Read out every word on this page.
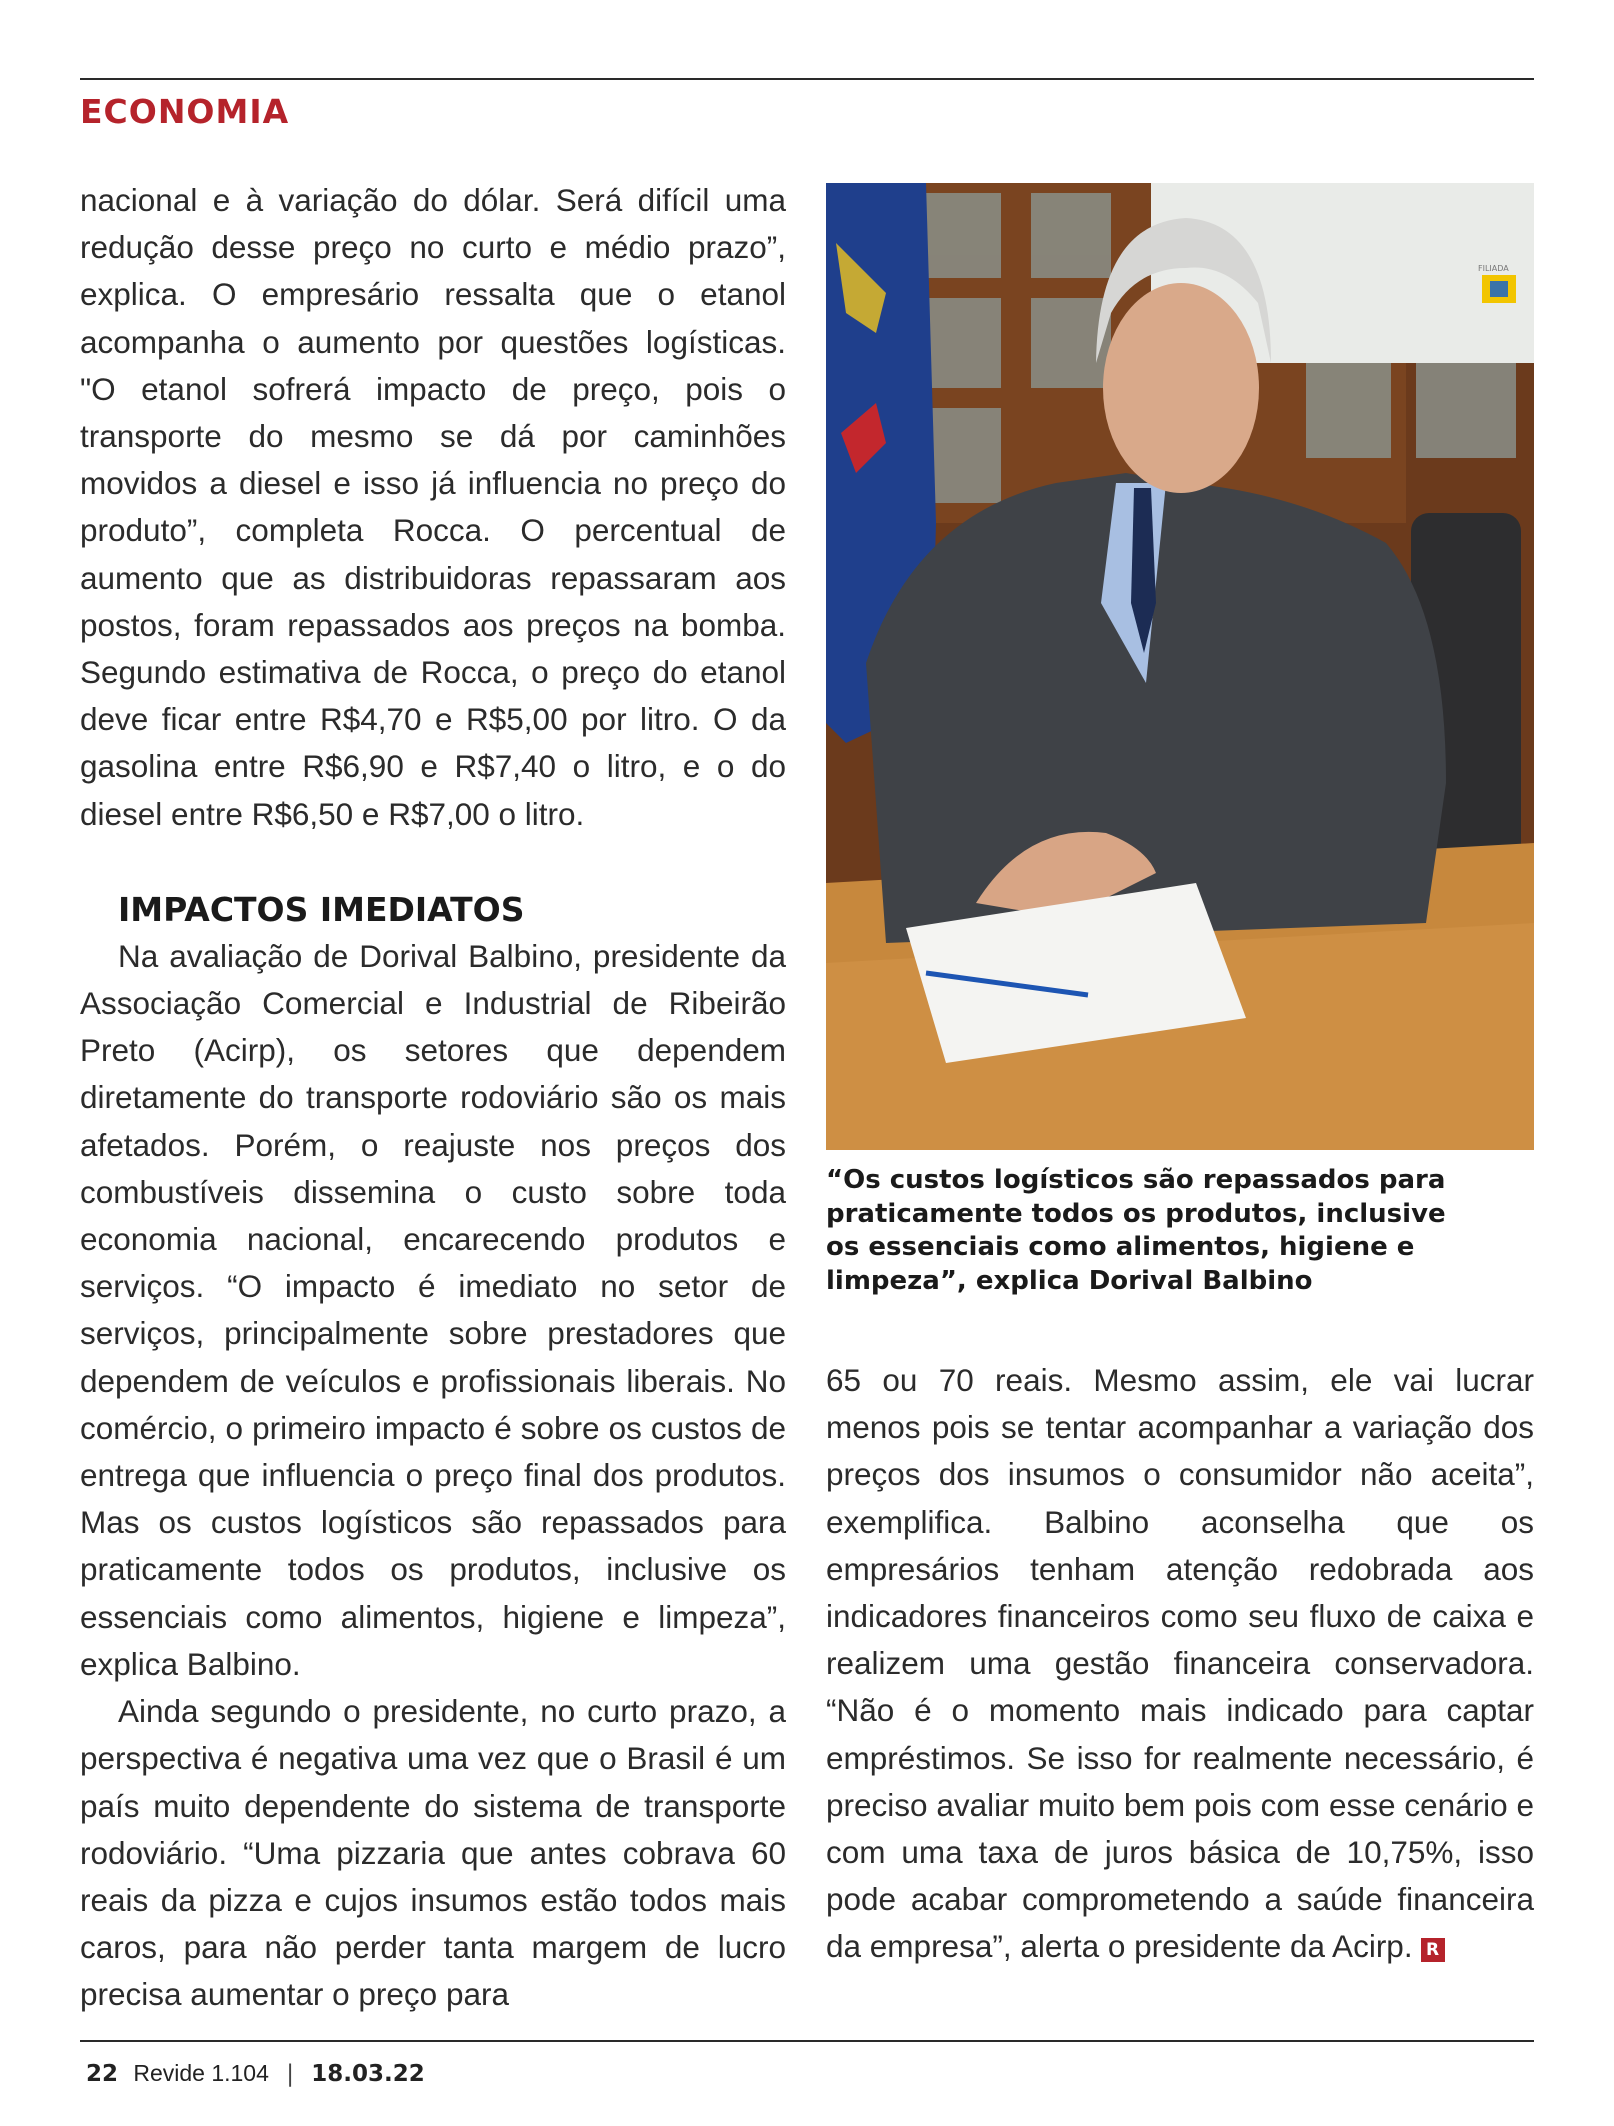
ECONOMIA

nacional e à variação do dólar. Será difícil uma redução desse preço no curto e médio prazo”, explica. O empresário ressalta que o etanol acompanha o aumento por questões logísticas. "O etanol sofrerá impacto de preço, pois o transporte do mesmo se dá por caminhões movidos a diesel e isso já influencia no preço do produto”, completa Rocca. O percentual de aumento que as distribuidoras repassaram aos postos, foram repassados aos preços na bomba. Segundo estimativa de Rocca, o preço do etanol deve ficar entre R$4,70 e R$5,00 por litro. O da gasolina entre R$6,90 e R$7,40 o litro, e o do diesel entre R$6,50 e R$7,00 o litro.

IMPACTOS IMEDIATOS

Na avaliação de Dorival Balbino, presidente da Associação Comercial e Industrial de Ribeirão Preto (Acirp), os setores que dependem diretamente do transporte rodoviário são os mais afetados. Porém, o reajuste nos preços dos combustíveis dissemina o custo sobre toda economia nacional, encarecendo produtos e serviços. “O impacto é imediato no setor de serviços, principalmente sobre prestadores que dependem de veículos e profissionais liberais. No comércio, o primeiro impacto é sobre os custos de entrega que influencia o preço final dos produtos. Mas os custos logísticos são repassados para praticamente todos os produtos, inclusive os essenciais como alimentos, higiene e limpeza”, explica Balbino.

Ainda segundo o presidente, no curto prazo, a perspectiva é negativa uma vez que o Brasil é um país muito dependente do sistema de transporte rodoviário. “Uma pizzaria que antes cobrava 60 reais da pizza e cujos insumos estão todos mais caros, para não perder tanta margem de lucro precisa aumentar o preço para

FILIADA

“Os custos logísticos são repassados para praticamente todos os produtos, inclusive os essenciais como alimentos, higiene e limpeza”, explica Dorival Balbino

65 ou 70 reais. Mesmo assim, ele vai lucrar menos pois se tentar acompanhar a variação dos preços dos insumos o consumidor não aceita”, exemplifica. Balbino aconselha que os empresários tenham atenção redobrada aos indicadores financeiros como seu fluxo de caixa e realizem uma gestão financeira conservadora. “Não é o momento mais indicado para captar empréstimos. Se isso for realmente necessário, é preciso avaliar muito bem pois com esse cenário e com uma taxa de juros básica de 10,75%, isso pode acabar comprometendo a saúde financeira da empresa”, alerta o presidente da Acirp. R

22 Revide 1.104 | 18.03.22
